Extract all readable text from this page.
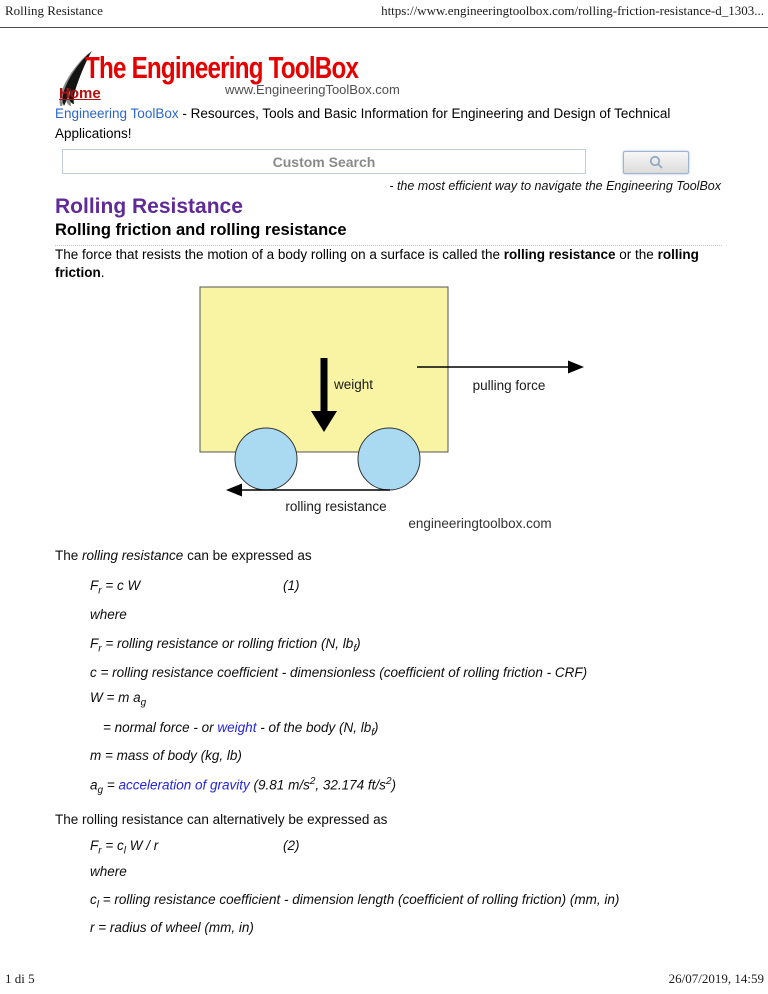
Rolling Resistance	https://www.engineeringtoolbox.com/rolling-friction-resistance-d_1303...
The Engineering ToolBox
www.EngineeringToolBox.com
Home

Engineering ToolBox - Resources, Tools and Basic Information for Engineering and Design of Technical Applications!

Custom Search
- the most efficient way to navigate the Engineering ToolBox
Rolling Resistance
Rolling friction and rolling resistance

The force that resists the motion of a body rolling on a surface is called the rolling resistance or the rolling friction.

weight	pulling force
rolling resistance
engineeringtoolbox.com
The rolling resistance can be expressed as
$F_r = c$ W	(1)
where
$F_r$ = rolling resistance or rolling friction (N, $lb_f$)
c = rolling resistance coefficient - dimensionless (coefficient of rolling friction - CRF)
W = m $a_g$
= normal force - or weight - of the body (N, $lb_f$)
m = mass of body (kg, lb)
$a_g$ = acceleration of gravity (9.81 $m/s^2$, 32.174 $ft/s^2$)
The rolling resistance can alternatively be expressed as
$F_r = c_l$ W / r	(2)
where
$c_l$ = rolling resistance coefficient - dimension length (coefficient of rolling friction) (mm, in)
r = radius of wheel (mm, in)
1 di 5	26/07/2019, 14:59
